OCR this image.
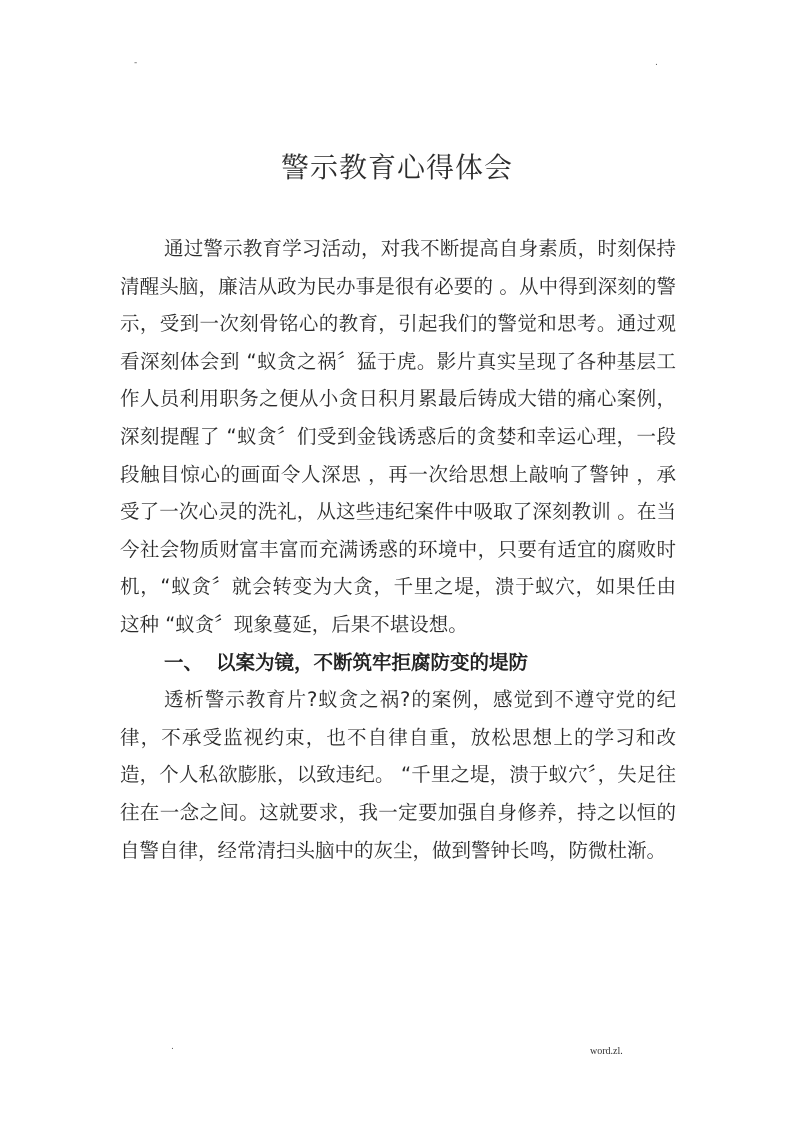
-	.
警示教育心得体会

通过警示教育学习活动，对我不断提高自身素质，时刻保持清醒头脑，廉洁从政为民办事是很有必要的 。从中得到深刻的警示，受到一次刻骨铭心的教育，引起我们的警觉和思考。通过观看深刻体会到 “蚁贪之祸〞猛于虎。影片真实呈现了各种基层工作人员利用职务之便从小贪日积月累最后铸成大错的痛心案例，深刻提醒了 “蚁贪〞们受到金钱诱惑后的贪婪和幸运心理，一段段触目惊心的画面令人深思 ，再一次给思想上敲响了警钟 ，承受了一次心灵的洗礼，从这些违纪案件中吸取了深刻教训 。在当今社会物质财富丰富而充满诱惑的环境中，只要有适宜的腐败时机，“蚁贪〞就会转变为大贪，千里之堤，溃于蚁穴，如果任由这种 “蚁贪〞现象蔓延，后果不堪设想。

一、 以案为镜，不断筑牢拒腐防变的堤防

透析警示教育片?蚁贪之祸?的案例，感觉到不遵守党的纪律，不承受监视约束，也不自律自重，放松思想上的学习和改造，个人私欲膨胀，以致违纪。 “千里之堤，溃于蚁穴〞，失足往往在一念之间。这就要求，我一定要加强自身修养，持之以恒的自警自律，经常清扫头脑中的灰尘，做到警钟长鸣，防微杜渐。

.	word.zl.
